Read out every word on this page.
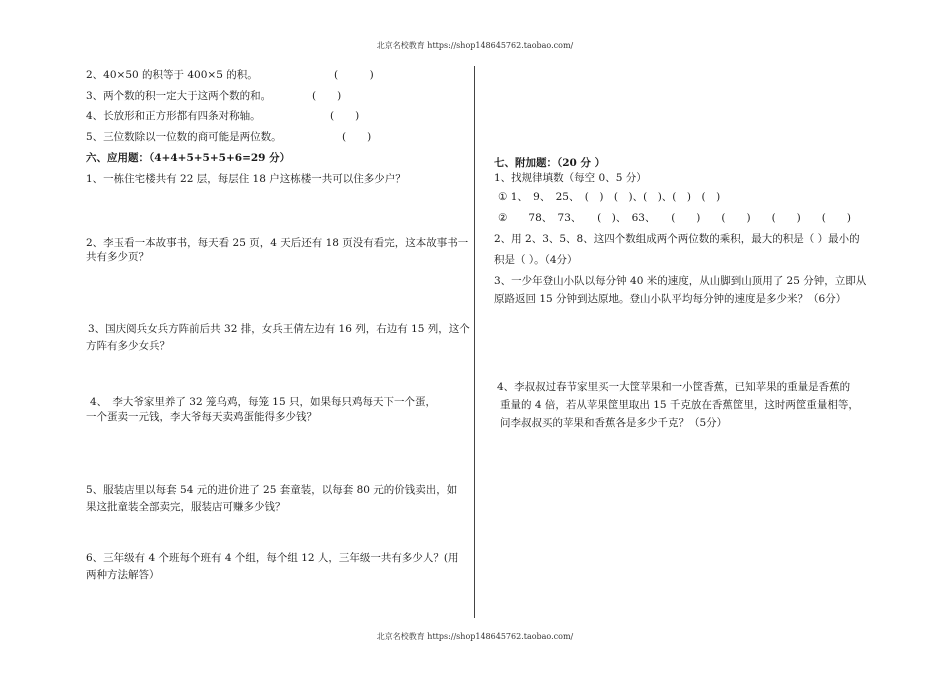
北京名校教育 https://shop148645762.taobao.com/
2、40×50 的积等于 400×5 的积。	(　　　)
3、两个数的积一定大于这两个数的和。	(　　)
4、长放形和正方形都有四条对称轴。	(　　)
5、三位数除以一位数的商可能是两位数。	(　　)
六、应用题：（4+4+5+5+5+6=29 分）
1、一栋住宅楼共有 22 层，每层住 18 户这栋楼一共可以住多少户？
2、李玉看一本故事书，每天看 25 页，4 天后还有 18 页没有看完，这本故事书一
共有多少页？
3、国庆阅兵女兵方阵前后共 32 排，女兵王倩左边有 16 列，右边有 15 列，这个
方阵有多少女兵？
4、　李大爷家里养了 32 笼乌鸡，每笼 15 只，如果每只鸡每天下一个蛋，
一个蛋卖一元钱，李大爷每天卖鸡蛋能得多少钱？
5、服装店里以每套 54 元的进价进了 25 套童装，以每套 80 元的价钱卖出，如
果这批童装全部卖完，服装店可赚多少钱？
6、三年级有 4 个班每个班有 4 个组，每个组 12 人，三年级一共有多少人？(用
两种方法解答）
七、附加题：（20 分 ）
1、找规律填数（每空 0、5 分）
① 1、　9、　25、　(　)　(　)、(　)、(　)　(　)
②　　78、　73、　　(　)、　63、　　(　　)　　(　　)　　(　　)　　(　　)
2、用 2、3、5、8、这四个数组成两个两位数的乘积，最大的积是（ ）最小的
积是（ ）。（4分）
3、一少年登山小队以每分钟 40 米的速度，从山脚到山顶用了 25 分钟，立即从
原路返回 15 分钟到达原地。登山小队平均每分钟的速度是多少米？（6分）
4、李叔叔过春节家里买一大筐苹果和一小筐香蕉，已知苹果的重量是香蕉的
重量的 4 倍，若从苹果筐里取出 15 千克放在香蕉筐里，这时两筐重量相等，
问李叔叔买的苹果和香蕉各是多少千克？（5分）
北京名校教育 https://shop148645762.taobao.com/
